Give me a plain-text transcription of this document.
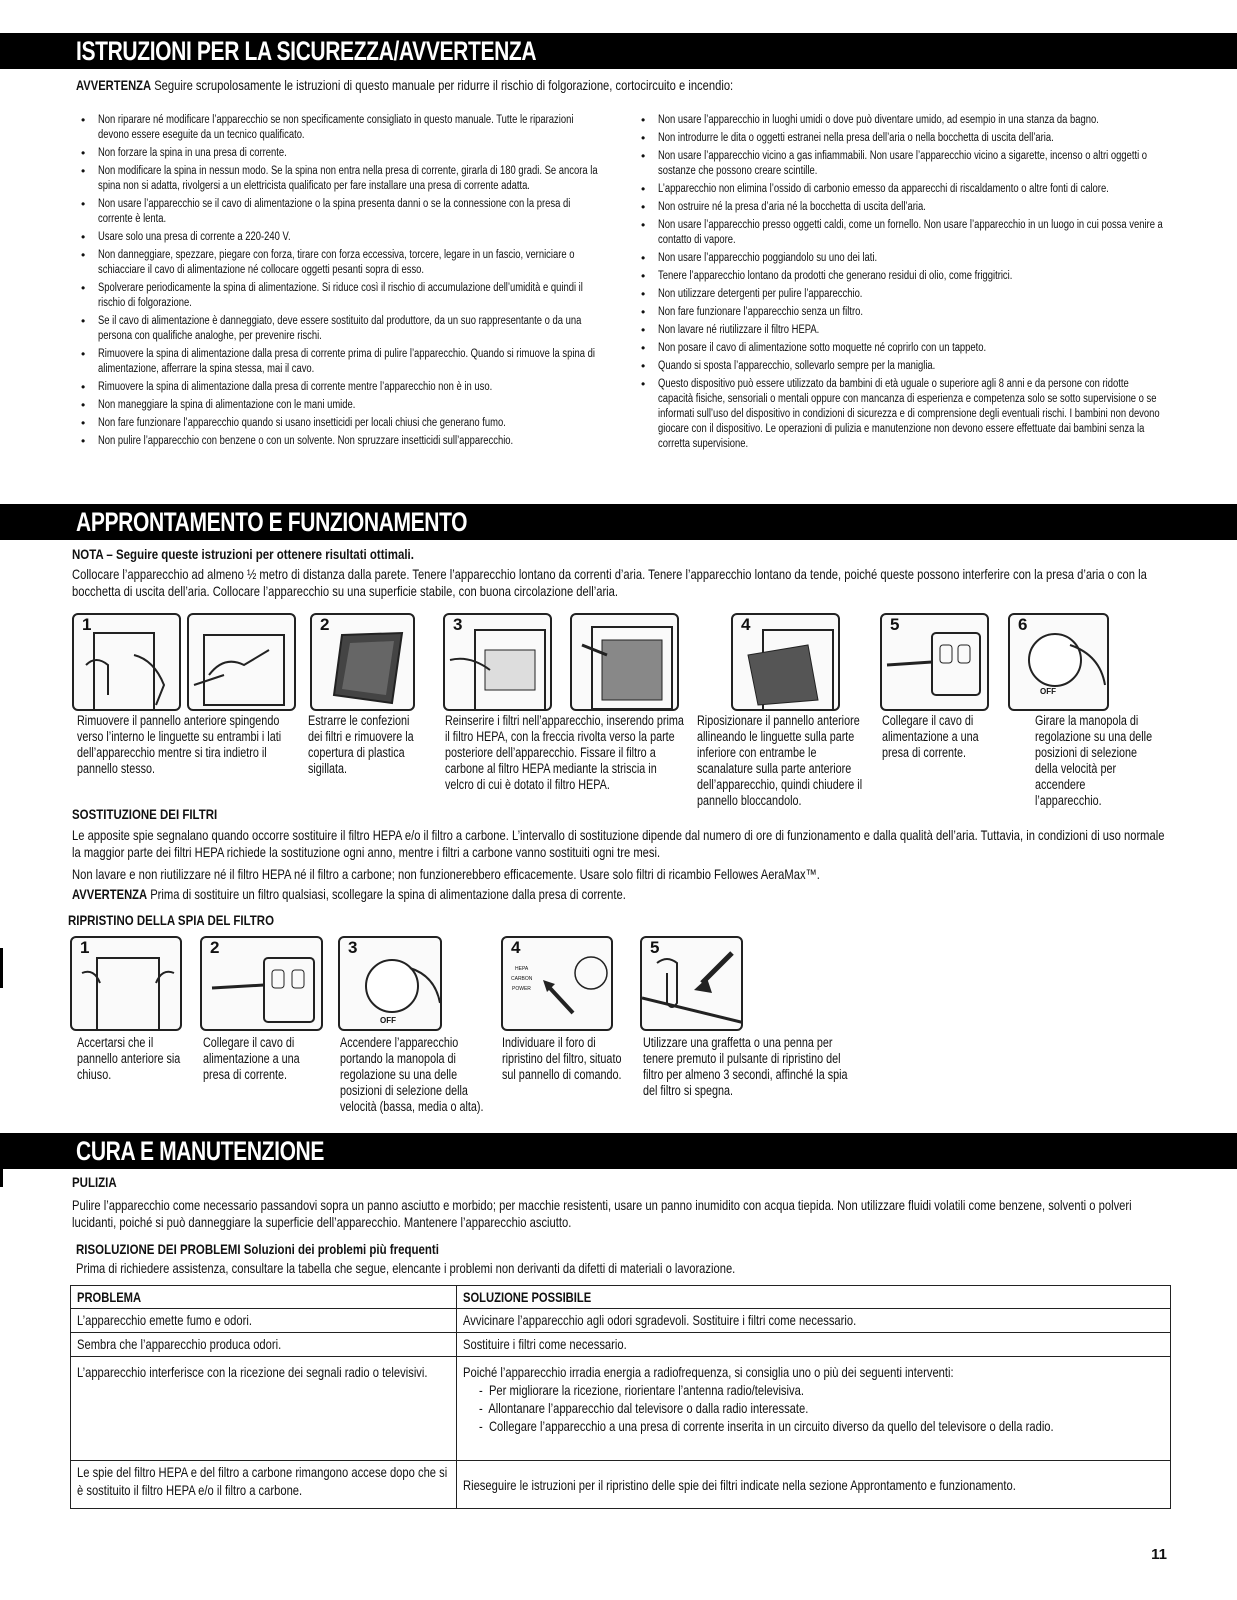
ISTRUZIONI PER LA SICUREZZA/AVVERTENZA
AVVERTENZA Seguire scrupolosamente le istruzioni di questo manuale per ridurre il rischio di folgorazione, cortocircuito e incendio:
• Non riparare né modificare l’apparecchio se non specificamente consigliato in questo manuale. Tutte le riparazioni devono essere eseguite da un tecnico qualificato.
• Non forzare la spina in una presa di corrente.
• Non modificare la spina in nessun modo. Se la spina non entra nella presa di corrente, girarla di 180 gradi. Se ancora la spina non si adatta, rivolgersi a un elettricista qualificato per fare installare una presa di corrente adatta.
• Non usare l’apparecchio se il cavo di alimentazione o la spina presenta danni o se la connessione con la presa di corrente è lenta.
• Usare solo una presa di corrente a 220-240 V.
• Non danneggiare, spezzare, piegare con forza, tirare con forza eccessiva, torcere, legare in un fascio, verniciare o schiacciare il cavo di alimentazione né collocare oggetti pesanti sopra di esso.
• Spolverare periodicamente la spina di alimentazione. Si riduce così il rischio di accumulazione dell’umidità e quindi il rischio di folgorazione.
• Se il cavo di alimentazione è danneggiato, deve essere sostituito dal produttore, da un suo rappresentante o da una persona con qualifiche analoghe, per prevenire rischi.
• Rimuovere la spina di alimentazione dalla presa di corrente prima di pulire l’apparecchio. Quando si rimuove la spina di alimentazione, afferrare la spina stessa, mai il cavo.
• Rimuovere la spina di alimentazione dalla presa di corrente mentre l’apparecchio non è in uso.
• Non maneggiare la spina di alimentazione con le mani umide.
• Non fare funzionare l’apparecchio quando si usano insetticidi per locali chiusi che generano fumo.
• Non pulire l’apparecchio con benzene o con un solvente. Non spruzzare insetticidi sull’apparecchio.
• Non usare l’apparecchio in luoghi umidi o dove può diventare umido, ad esempio in una stanza da bagno.
• Non introdurre le dita o oggetti estranei nella presa dell’aria o nella bocchetta di uscita dell’aria.
• Non usare l’apparecchio vicino a gas infiammabili. Non usare l’apparecchio vicino a sigarette, incenso o altri oggetti o sostanze che possono creare scintille.
• L’apparecchio non elimina l’ossido di carbonio emesso da apparecchi di riscaldamento o altre fonti di calore.
• Non ostruire né la presa d’aria né la bocchetta di uscita dell’aria.
• Non usare l’apparecchio presso oggetti caldi, come un fornello. Non usare l’apparecchio in un luogo in cui possa venire a contatto di vapore.
• Non usare l’apparecchio poggiandolo su uno dei lati.
• Tenere l’apparecchio lontano da prodotti che generano residui di olio, come friggitrici.
• Non utilizzare detergenti per pulire l’apparecchio.
• Non fare funzionare l’apparecchio senza un filtro.
• Non lavare né riutilizzare il filtro HEPA.
• Non posare il cavo di alimentazione sotto moquette né coprirlo con un tappeto.
• Quando si sposta l’apparecchio, sollevarlo sempre per la maniglia.
• Questo dispositivo può essere utilizzato da bambini di età uguale o superiore agli 8 anni e da persone con ridotte capacità fisiche, sensoriali o mentali oppure con mancanza di esperienza e competenza solo se sotto supervisione o se informati sull’uso del dispositivo in condizioni di sicurezza e di comprensione degli eventuali rischi. I bambini non devono giocare con il dispositivo. Le operazioni di pulizia e manutenzione non devono essere effettuate dai bambini senza la corretta supervisione.
APPRONTAMENTO E FUNZIONAMENTO
NOTA – Seguire queste istruzioni per ottenere risultati ottimali.
Collocare l’apparecchio ad almeno ½ metro di distanza dalla parete. Tenere l’apparecchio lontano da correnti d’aria. Tenere l’apparecchio lontano da tende, poiché queste possono interferire con la presa d’aria o con la bocchetta di uscita dell’aria. Collocare l’apparecchio su una superficie stabile, con buona circolazione dell’aria.
1	2	3	4	5	6
OFF
Rimuovere il pannello anteriore spingendo verso l’interno le linguette su entrambi i lati dell’apparecchio mentre si tira indietro il pannello stesso.
Estrarre le confezioni dei filtri e rimuovere la copertura di plastica sigillata.
Reinserire i filtri nell’apparecchio, inserendo prima il filtro HEPA, con la freccia rivolta verso la parte posteriore dell’apparecchio. Fissare il filtro a carbone al filtro HEPA mediante la striscia in velcro di cui è dotato il filtro HEPA.
Riposizionare il pannello anteriore allineando le linguette sulla parte inferiore con entrambe le scanalature sulla parte anteriore dell’apparecchio, quindi chiudere il pannello bloccandolo.
Collegare il cavo di alimentazione a una presa di corrente.
Girare la manopola di regolazione su una delle posizioni di selezione della velocità per accendere l’apparecchio.
SOSTITUZIONE DEI FILTRI
Le apposite spie segnalano quando occorre sostituire il filtro HEPA e/o il filtro a carbone. L’intervallo di sostituzione dipende dal numero di ore di funzionamento e dalla qualità dell’aria. Tuttavia, in condizioni di uso normale la maggior parte dei filtri HEPA richiede la sostituzione ogni anno, mentre i filtri a carbone vanno sostituiti ogni tre mesi.
Non lavare e non riutilizzare né il filtro HEPA né il filtro a carbone; non funzionerebbero efficacemente. Usare solo filtri di ricambio Fellowes AeraMax™.
AVVERTENZA Prima di sostituire un filtro qualsiasi, scollegare la spina di alimentazione dalla presa di corrente.
RIPRISTINO DELLA SPIA DEL FILTRO
1	2	3
OFF
4
HEPA
CARBON
POWER
5
Accertarsi che il pannello anteriore sia chiuso.
Collegare il cavo di alimentazione a una presa di corrente.
Accendere l’apparecchio portando la manopola di regolazione su una delle posizioni di selezione della velocità (bassa, media o alta).
Individuare il foro di ripristino del filtro, situato sul pannello di comando.
Utilizzare una graffetta o una penna per tenere premuto il pulsante di ripristino del filtro per almeno 3 secondi, affinché la spia del filtro si spegna.
CURA E MANUTENZIONE
PULIZIA
Pulire l’apparecchio come necessario passandovi sopra un panno asciutto e morbido; per macchie resistenti, usare un panno inumidito con acqua tiepida. Non utilizzare fluidi volatili come benzene, solventi o polveri lucidanti, poiché si può danneggiare la superficie dell’apparecchio. Mantenere l’apparecchio asciutto.
RISOLUZIONE DEI PROBLEMI Soluzioni dei problemi più frequenti
Prima di richiedere assistenza, consultare la tabella che segue, elencante i problemi non derivanti da difetti di materiali o lavorazione.
PROBLEMA	SOLUZIONE POSSIBILE

L’apparecchio emette fumo e odori.	Avvicinare l’apparecchio agli odori sgradevoli. Sostituire i filtri come necessario.

Sembra che l’apparecchio produca odori.	Sostituire i filtri come necessario.

L’apparecchio interferisce con la ricezione dei segnali radio o televisivi.	Poiché l’apparecchio irradia energia a radiofrequenza, si consiglia uno o più dei seguenti interventi:
-  Per migliorare la ricezione, riorientare l’antenna radio/televisiva.
-  Allontanare l’apparecchio dal televisore o dalla radio interessate.
-  Collegare l’apparecchio a una presa di corrente inserita in un circuito diverso da quello del televisore o della radio.

Le spie del filtro HEPA e del filtro a carbone rimangono accese dopo che si è sostituito il filtro HEPA e/o il filtro a carbone.	Rieseguire le istruzioni per il ripristino delle spie dei filtri indicate nella sezione Approntamento e funzionamento.
11
